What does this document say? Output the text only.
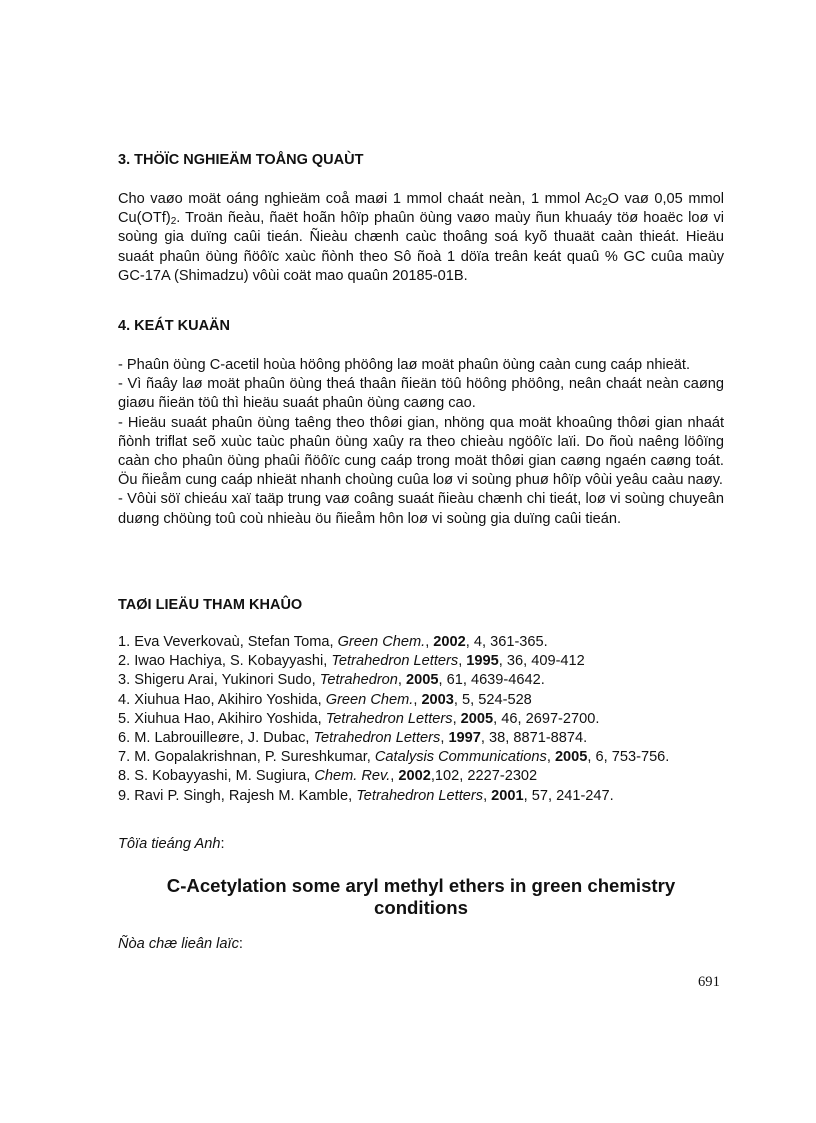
3. THÖÏC NGHIEÄM TOÅNG QUAÙT

Cho vaøo moät oáng nghieäm coå maøi 1 mmol chaát neàn, 1 mmol $Ac_2O$ vaø 0,05 mmol $Cu(OTf)_2$. Troän ñeàu, ñaët hoãn hôïp phaûn öùng vaøo maùy ñun khuaáy töø hoaëc loø vi soùng gia duïng caûi tieán. Ñieàu chænh caùc thoâng soá kyõ thuaät caàn thieát. Hieäu suaát phaûn öùng ñöôïc xaùc ñònh theo Sô ñoà 1 döïa treân keát quaû % GC cuûa maùy GC-17A (Shimadzu) vôùi coät mao quaûn 20185-01B.

4. KEÁT KUAÄN
- Phaûn öùng C-acetil hoùa höông phöông laø moät phaûn öùng caàn cung caáp nhieät.
- Vì ñaây laø moät phaûn öùng theá thaân ñieän töû höông phöông, neân chaát neàn caøng giaøu ñieän töû thì hieäu suaát phaûn öùng caøng cao.
- Hieäu suaát phaûn öùng taêng theo thôøi gian, nhöng qua moät khoaûng thôøi gian nhaát ñònh triflat seõ xuùc taùc phaûn öùng xaûy ra theo chieàu ngöôïc laïi. Do ñoù naêng löôïng caàn cho phaûn öùng phaûi ñöôïc cung caáp trong moät thôøi gian caøng ngaén caøng toát. Öu ñieåm cung caáp nhieät nhanh choùng cuûa loø vi soùng phuø hôïp vôùi yeâu caàu naøy.
- Vôùi söï chieáu xaï taäp trung vaø coâng suaát ñieàu chænh chi tieát, loø vi soùng chuyeân duøng chöùng toû coù nhieàu öu ñieåm hôn loø vi soùng gia duïng caûi tieán.
TAØI LIEÄU THAM KHAÛO
1. Eva Veverkovaù, Stefan Toma, Green Chem., 2002, 4, 361-365.
2. Iwao Hachiya, S. Kobayyashi, Tetrahedron Letters, 1995, 36, 409-412
3. Shigeru Arai, Yukinori Sudo, Tetrahedron, 2005, 61, 4639-4642.
4. Xiuhua Hao, Akihiro Yoshida, Green Chem., 2003, 5, 524-528
5. Xiuhua Hao, Akihiro Yoshida, Tetrahedron Letters, 2005, 46, 2697-2700.
6. M. Labrouilleøre, J. Dubac, Tetrahedron Letters, 1997, 38, 8871-8874.
7. M. Gopalakrishnan, P. Sureshkumar, Catalysis Communications, 2005, 6, 753-756.
8. S. Kobayyashi, M. Sugiura, Chem. Rev., 2002,102, 2227-2302
9. Ravi P. Singh, Rajesh M. Kamble, Tetrahedron Letters, 2001, 57, 241-247.

Tôïa tieáng Anh:

C-Acetylation some aryl methyl ethers in green chemistry conditions

Ñòa chæ lieân laïc:

691
